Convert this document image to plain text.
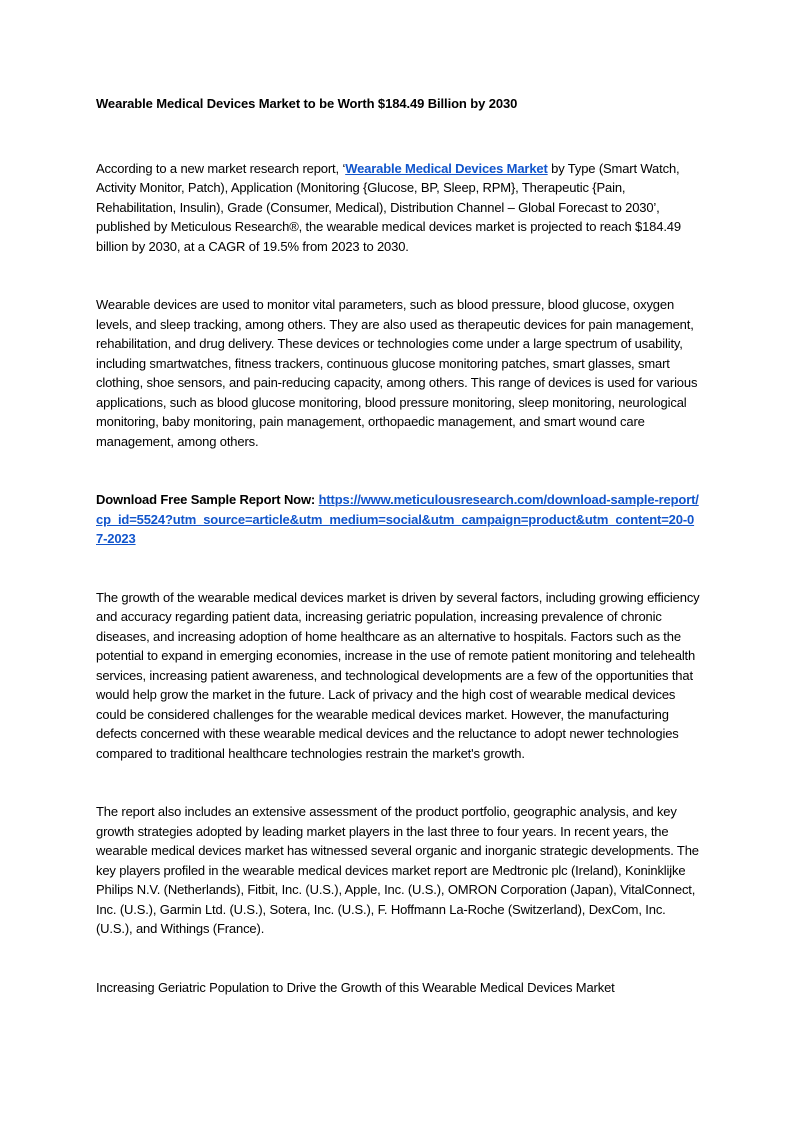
Wearable Medical Devices Market to be Worth $184.49 Billion by 2030

According to a new market research report, ‘Wearable Medical Devices Market by Type (Smart Watch, Activity Monitor, Patch), Application (Monitoring {Glucose, BP, Sleep, RPM}, Therapeutic {Pain, Rehabilitation, Insulin), Grade (Consumer, Medical), Distribution Channel – Global Forecast to 2030’, published by Meticulous Research®, the wearable medical devices market is projected to reach $184.49 billion by 2030, at a CAGR of 19.5% from 2023 to 2030.

Wearable devices are used to monitor vital parameters, such as blood pressure, blood glucose, oxygen levels, and sleep tracking, among others. They are also used as therapeutic devices for pain management, rehabilitation, and drug delivery. These devices or technologies come under a large spectrum of usability, including smartwatches, fitness trackers, continuous glucose monitoring patches, smart glasses, smart clothing, shoe sensors, and pain-reducing capacity, among others. This range of devices is used for various applications, such as blood glucose monitoring, blood pressure monitoring, sleep monitoring, neurological monitoring, baby monitoring, pain management, orthopaedic management, and smart wound care management, among others.

Download Free Sample Report Now: https://www.meticulousresearch.com/download-sample-report/cp_id=5524?utm_source=article&utm_medium=social&utm_campaign=product&utm_content=20-07-2023

The growth of the wearable medical devices market is driven by several factors, including growing efficiency and accuracy regarding patient data, increasing geriatric population, increasing prevalence of chronic diseases, and increasing adoption of home healthcare as an alternative to hospitals. Factors such as the potential to expand in emerging economies, increase in the use of remote patient monitoring and telehealth services, increasing patient awareness, and technological developments are a few of the opportunities that would help grow the market in the future. Lack of privacy and the high cost of wearable medical devices could be considered challenges for the wearable medical devices market. However, the manufacturing defects concerned with these wearable medical devices and the reluctance to adopt newer technologies compared to traditional healthcare technologies restrain the market's growth.

The report also includes an extensive assessment of the product portfolio, geographic analysis, and key growth strategies adopted by leading market players in the last three to four years. In recent years, the wearable medical devices market has witnessed several organic and inorganic strategic developments. The key players profiled in the wearable medical devices market report are Medtronic plc (Ireland), Koninklijke Philips N.V. (Netherlands), Fitbit, Inc. (U.S.), Apple, Inc. (U.S.), OMRON Corporation (Japan), VitalConnect, Inc. (U.S.), Garmin Ltd. (U.S.), Sotera, Inc. (U.S.), F. Hoffmann La-Roche (Switzerland), DexCom, Inc. (U.S.), and Withings (France).

Increasing Geriatric Population to Drive the Growth of this Wearable Medical Devices Market
